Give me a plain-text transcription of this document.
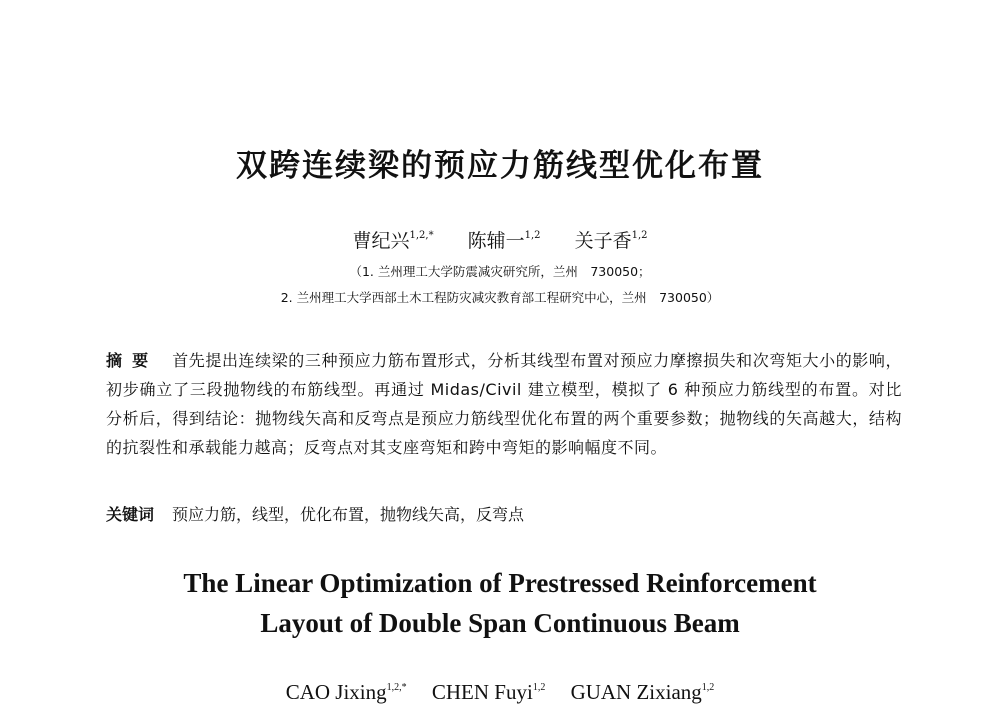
双跨连续梁的预应力筋线型优化布置
曹纪兴$^{1,2,*}$ 陈辅一$^{1,2}$ 关子香$^{1,2}$
（1. 兰州理工大学防震减灾研究所，兰州　730050；
2. 兰州理工大学西部土木工程防灾减灾教育部工程研究中心，兰州　730050）
摘要 首先提出连续梁的三种预应力筋布置形式，分析其线型布置对预应力摩擦损失和次弯矩大小的影响，初步确立了三段抛物线的布筋线型。再通过 Midas/Civil 建立模型，模拟了 6 种预应力筋线型的布置。对比分析后，得到结论：抛物线矢高和反弯点是预应力筋线型优化布置的两个重要参数；抛物线的矢高越大，结构的抗裂性和承载能力越高；反弯点对其支座弯矩和跨中弯矩的影响幅度不同。
关键词 预应力筋，线型，优化布置，抛物线矢高，反弯点
The Linear Optimization of Prestressed Reinforcement
Layout of Double Span Continuous Beam
CAO Jixing$^{1,2,*}$ CHEN Fuyi$^{1,2}$ GUAN Zixiang$^{1,2}$
